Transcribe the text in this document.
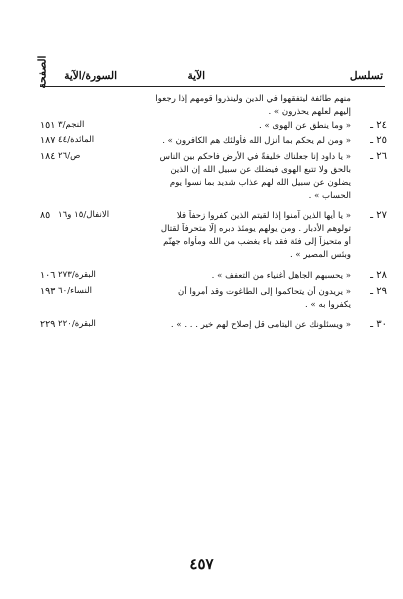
تسلسل
الآية
السورة/الآية
الصفحة
منهم طائفة ليتفقهوا في الدين ولينذروا قومهم إذا رجعوا
إليهم لعلهم يحذرون » .
٢٤ ـ
« وما ينطق عن الهوى » .
النجم/٣
١٥١
٢٥ ـ
« ومن لم يحكم بما أنزل الله فأولئك هم الكافرون » .
المائدة/٤٤
١٨٧
٢٦ ـ
« يا داود إنا جعلناك خليفةً في الأرض فاحكم بين الناس
بالحق ولا تتبع الهوى فيضلك عن سبيل الله إن الذين
يضلون عن سبيل الله لهم عذاب شديد بما نسوا يوم
الحساب » .
ص/٢٦
١٨٤
٢٧ ـ
« يا أيها الذين آمنوا إذا لقيتم الذين كفروا زحفاً فلا
تولوهم الأدبار . ومن يولهم يومئذ دبره إلّا متحرفاً لقتال
أو متحيزاً إلى فئة فقد باء بغضب من الله ومأواه جهنّم
وبئس المصير » .
الانفال/١٥ و١٦
٨٥
٢٨ ـ
« يحسبهم الجاهل أغنياء من التعفف » .
البقرة/٢٧٣
١٠٦
٢٩ ـ
« يريدون أن يتحاكموا إلى الطاغوت وقد أمروا أن
يكفروا به » .
النساء/٦٠
١٩٣
٣٠ ـ
« ويسئلونك عن اليتامى قل إصلاح لهم خير . . . » .
البقرة/٢٢٠
٢٢٩
٤٥٧
